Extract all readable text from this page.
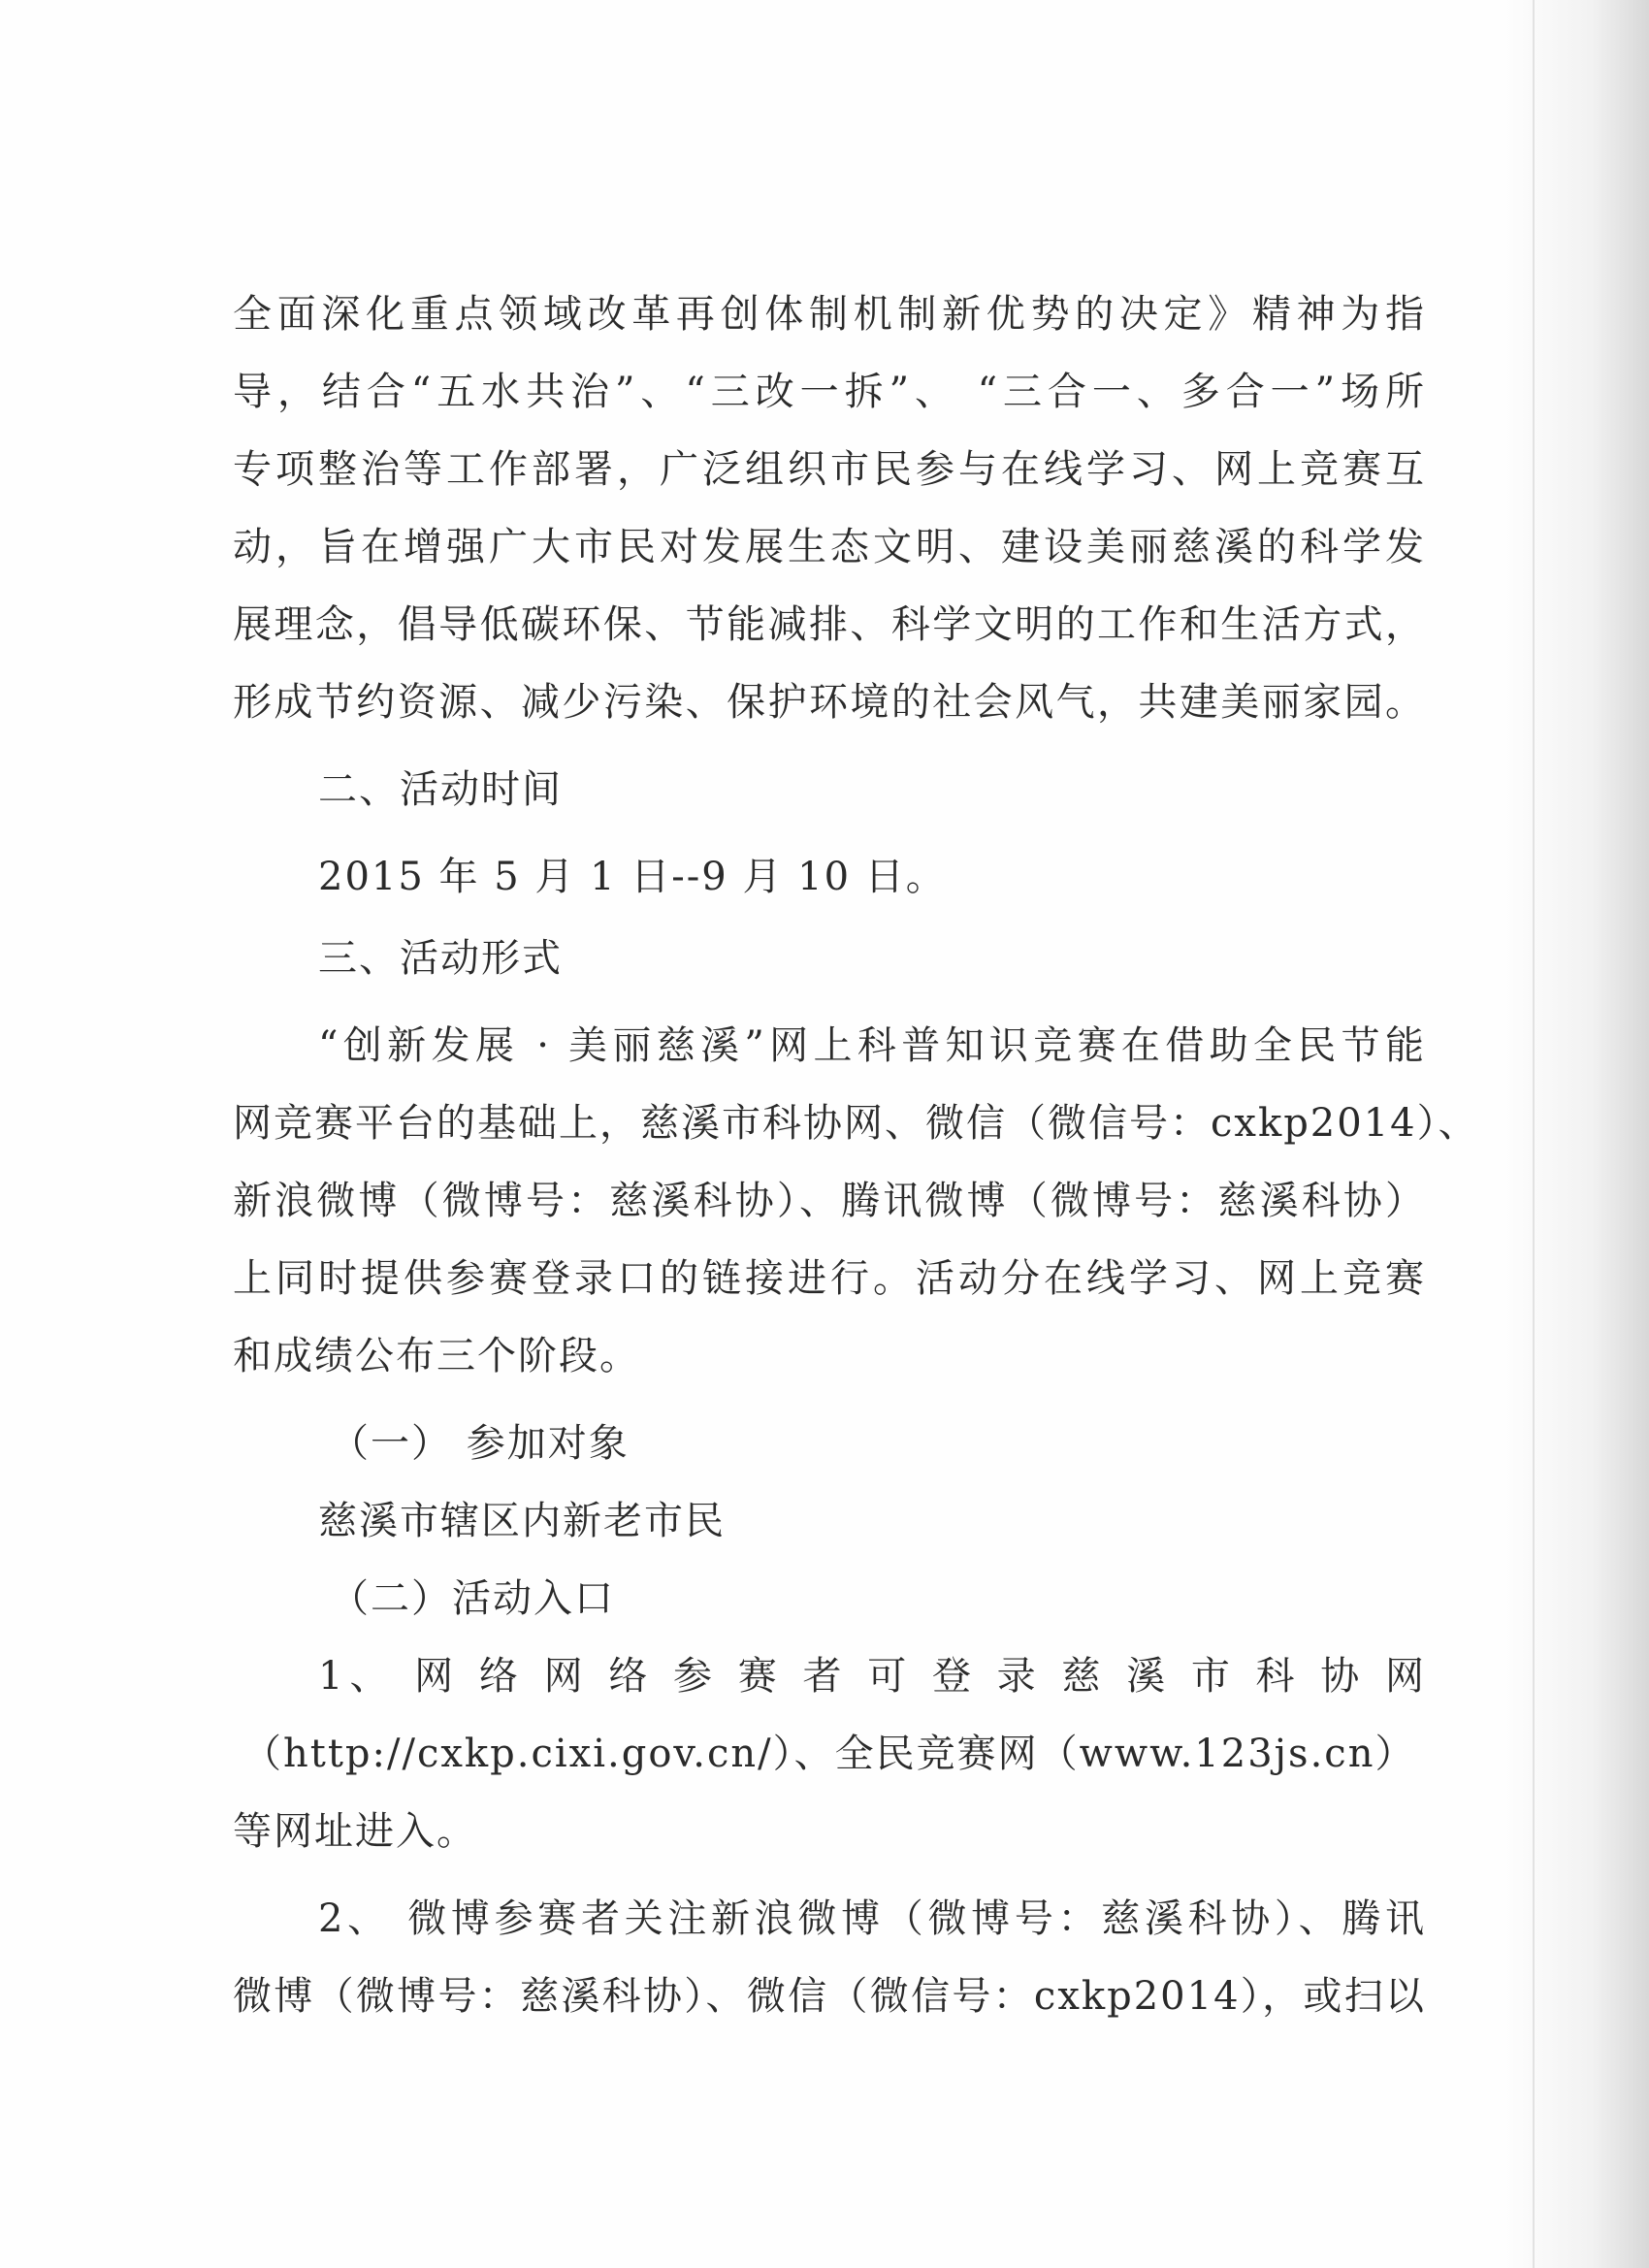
全面深化重点领域改革再创体制机制新优势的决定》精神为指
导，结合“五水共治”、“三改一拆”、 “三合一、多合一”场所
专项整治等工作部署，广泛组织市民参与在线学习、网上竞赛互
动，旨在增强广大市民对发展生态文明、建设美丽慈溪的科学发
展理念，倡导低碳环保、节能减排、科学文明的工作和生活方式，
形成节约资源、减少污染、保护环境的社会风气，共建美丽家园。
二、活动时间
2015 年 5 月 1 日--9 月 10 日。
三、活动形式
“创新发展 · 美丽慈溪”网上科普知识竞赛在借助全民节能
网竞赛平台的基础上，慈溪市科协网、微信（微信号：cxkp2014）、
新浪微博（微博号：慈溪科协）、腾讯微博（微博号：慈溪科协）
上同时提供参赛登录口的链接进行。活动分在线学习、网上竞赛
和成绩公布三个阶段。
（一） 参加对象
慈溪市辖区内新老市民
（二）活动入口
1、 网 络 网 络 参 赛 者 可 登 录 慈 溪 市 科 协 网
（http://cxkp.cixi.gov.cn/）、全民竞赛网（www.123js.cn）
等网址进入。
2、 微博参赛者关注新浪微博（微博号：慈溪科协）、腾讯
微博（微博号：慈溪科协）、微信（微信号：cxkp2014），或扫以
